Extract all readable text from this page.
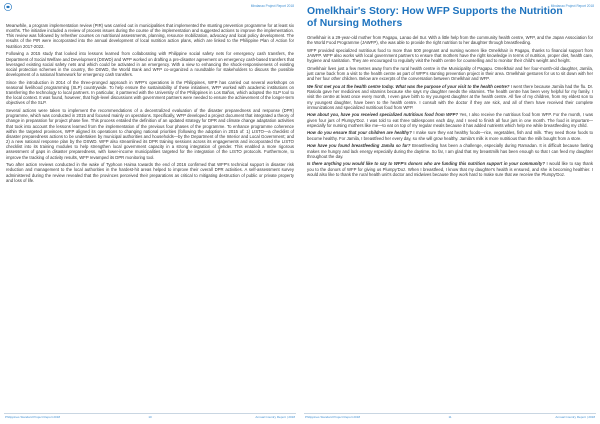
Mindanao Project Report 2018

Meanwhile, a program implementation review (PIR) was carried out in municipalities that implemented the stunting prevention programme for at least six months. The initiative included a review of process issues during the course of the implementation and suggested actions to improve the implementation. This review was followed by refresher courses on nutritional assessments, planning, resource mobilization, advocacy and local policy development. The results of the PIR were incorporated into the annual development of local nutrition action plans, which are linked to the Philippine Plan of Action for Nutrition 2017-2022.

Following a 2015 study that looked into lessons learned from collaborating with Philippine social safety nets for emergency cash transfers, the Department of Social Welfare and Development (DSWD) and WFP worked on drafting a pre-disaster agreement on emergency cash-based transfers that leveraged existing social safety nets and which could be activated in an emergency. With a view to enhancing the shock-responsiveness of existing social protection schemes in the country, the DSWD, the World Bank and WFP co-organized a roundtable for stakeholders to discuss the possible development of a national framework for emergency cash transfers.

Since the introduction in 2014 of the three-pronged approach in WFP's operations in the Philippines, WFP has carried out several workshops on seasonal livelihood programming (SLP) countrywide. To help ensure the sustainability of these initiatives, WFP worked with academic institutions on transferring the technology to local partners. In particular, it partnered with the University of the Philippines in Los Baños, which adopted the SLP tool to the local context. It was found, however, that high-level discussions with government partners were needed to ensure the achievement of the longer-term objectives of the SLP.

Several actions were taken to implement the recommendations of a decentralized evaluation of the disaster preparedness and response (DPR) programme, which was conducted in 2015 and focused mainly on operations. Specifically, WFP developed a project document that integrated a theory of change in preparation for project phase five. This process entailed the definition of an updated strategy for DPR and climate change adaptation activities that took into account the lessons learned from the implementation of the previous four phases of the programme. To enhance programme coherence within the targeted provinces, WFP aligned its operations to changing national priorities (following the adoption in 2015 of: 1) LISTO—a checklist of disaster preparedness actions to be undertaken by municipal authorities and households—by the Department of the Interior and Local Government; and 2) a new national response plan by the DSWD. WFP also streamlined its DPR training sessions across its engagements and incorporated the LISTO checklist into its training modules to help strengthen local government capacity in a strong integration of gender. This enabled a more rigorous assessment of gaps in disaster preparedness, with lower-income municipalities targeted for the integration of the LISTO protocols. Furthermore, to improve the tracking of activity results, WFP revamped its DPR monitoring tool.

Two after action reviews conducted in the wake of Typhoon Haima towards the end of 2016 confirmed that WFP's technical support in disaster risk reduction and management to the local authorities in the hardest-hit areas helped to improve their overall DPR activities. A self-assessment survey administered during the review revealed that the provinces perceived their preparations as critical to mitigating destruction of public or private property and loss of life.

Philippines Standard Project Report 2018	10	Annual Country Report | 2018
Mindanao Project Report 2018
Omelkhair's Story: How WFP Supports the Nutrition of Nursing Mothers

Omelkhair is a 29-year-old mother from Pagapu, Lanao del Sur. With a little help from the community health centre, WFP, and the Japan Association for the World Food Programme (JAWFP), she was able to provide the right nutrition to her daughter through breastfeeding.

WFP provided specialized nutritious food to more than 500 pregnant and nursing women like Omelkhair in Pagapu, thanks to financial support from JAWFP. WFP also works with local government partners to ensure that mothers have the right knowledge in terms of nutrition, proper diet, health care, hygiene and sanitation. They are encouraged to regularly visit the health centre for counselling and to monitor their child's weight and height.

Omelkhair lives just a few metres away from the rural health centre in the Municipality of Pagapu. Omelkhair and her four-month-old daughter, Jamila, just came back from a visit to the health centre as part of WFP's stunting prevention project in their area. Omelkhair gestures for us to sit down with her and her four other children. Below are excerpts of the conversation between Omelkhair and WFP.

We first met you at the health centre today. What was the purpose of your visit to the health centre? I went there because Jamila had the flu. Dr. Rasiola gave her medicines and vitamins because she says my daughter needs the vitamins. The health centre has been very helpful for my family. I visit the centre at least once every month, I even gave birth to my youngest daughter at the health centre. All five of my children, from my eldest son to my youngest daughter, have been to the health centre. I consult with the doctor if they are sick, and all of them have received their complete immunizations and specialized nutritious food from WFP.

How about you, have you received specialized nutritious food from WFP? Yes, I also receive the nutritious food from WFP. For the month, I was given four jars of Plumpy'Doz. I was told to eat three tablespoons each day, and I need to finish all four jars in one month. The food is important—especially for nursing mothers like me—to eat on top of my regular meals because it has added nutrients which help me while breastfeeding my child.

How do you ensure that your children are healthy? I make sure they eat healthy foods—rice, vegetables, fish and milk. They need those foods to become healthy. For Jamila, I breastfeed her every day, so she will grow healthy. Jamila's milk is more nutritious than the milk bought from a store.

How have you found breastfeeding Jamila so far? Breastfeeding has been a challenge, especially during Ramadan. It is difficult because fasting makes me hungry and lack energy especially during the daytime. So far, I am glad that my breastmilk has been enough so that I can feed my daughter throughout the day.

Is there anything you would like to say to WFP's donors who are funding this nutrition support in your community? I would like to say thank you to the donors of WFP for giving us Plumpy'Doz. When I breastfeed, I know that my daughter's health is ensured, and she is becoming healthier. I would also like to thank the rural health unit's doctor and midwives because they work hard to make sure that we receive the Plumpy'Doz.

Philippines Standard Project Report 2018	11	Annual Country Report | 2018
